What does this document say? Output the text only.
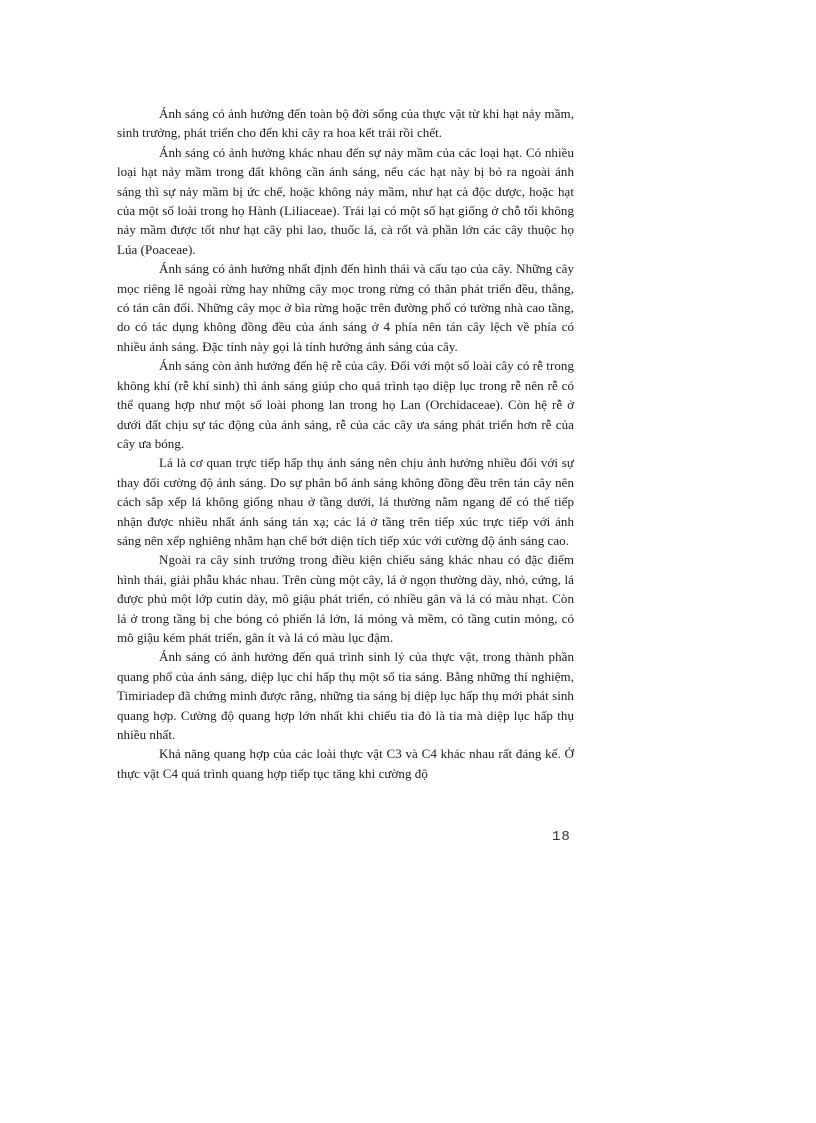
Ánh sáng có ảnh hưởng đến toàn bộ đời sống của thực vật từ khi hạt nảy mầm, sinh trưởng, phát triển cho đến khi cây ra hoa kết trái rồi chết.

Ánh sáng có ảnh hưởng khác nhau đến sự nảy mầm của các loại hạt. Có nhiều loại hạt nảy mầm trong đất không cần ánh sáng, nếu các hạt này bị bỏ ra ngoài ánh sáng thì sự nảy mầm bị ức chế, hoặc không nảy mầm, như hạt cà độc dược, hoặc hạt của một số loài trong họ Hành (Liliaceae). Trái lại có một số hạt giống ở chỗ tối không nảy mầm được tốt như hạt cây phi lao, thuốc lá, cà rốt và phần lớn các cây thuộc họ Lúa (Poaceae).

Ánh sáng có ảnh hưởng nhất định đến hình thái và cấu tạo của cây. Những cây mọc riêng lẽ ngoài rừng hay những cây mọc trong rừng có thân phát triển đều, thẳng, có tán cân đối. Những cây mọc ở bìa rừng hoặc trên đường phố có tường nhà cao tầng, do có tác dụng không đồng đều của ánh sáng ở 4 phía nên tán cây lệch về phía có nhiều ánh sáng. Đặc tính này gọi là tính hướng ánh sáng của cây.

Ánh sáng còn ảnh hưởng đến hệ rễ của cây. Đối với một số loài cây có rễ trong không khí (rễ khí sinh) thì ánh sáng giúp cho quá trình tạo diệp lục trong rễ nên rễ có thể quang hợp như một số loài phong lan trong họ Lan (Orchidaceae). Còn hệ rễ ở dưới đất chịu sự tác động của ánh sáng, rễ của các cây ưa sáng phát triển hơn rễ của cây ưa bóng.

Lá là cơ quan trực tiếp hấp thụ ánh sáng nên chịu ảnh hưởng nhiều đối với sự thay đổi cường độ ánh sáng. Do sự phân bố ánh sáng không đồng đều trên tán cây nên cách sắp xếp lá không giống nhau ở tầng dưới, lá thường nằm ngang để có thể tiếp nhận được nhiều nhất ánh sáng tán xạ; các lá ở tầng trên tiếp xúc trực tiếp với ánh sáng nên xếp nghiêng nhằm hạn chế bớt diện tích tiếp xúc với cường độ ánh sáng cao.

Ngoài ra cây sinh trưởng trong điều kiện chiếu sáng khác nhau có đặc điểm hình thái, giải phẫu khác nhau. Trên cùng một cây, lá ở ngọn thường dày, nhỏ, cứng, lá được phủ một lớp cutin dày, mô giậu phát triển, có nhiều gân và lá có màu nhạt. Còn lá ở trong tầng bị che bóng có phiến lá lớn, lá mỏng và mềm, có tầng cutin mỏng, có mô giậu kém phát triển, gân ít và lá có màu lục đậm.

Ánh sáng có ảnh hưởng đến quá trình sinh lý của thực vật, trong thành phần quang phổ của ánh sáng, diệp lục chỉ hấp thụ một số tia sáng. Bằng những thí nghiệm, Timiriadep đã chứng minh được rằng, những tia sáng bị diệp lục hấp thụ mới phát sinh quang hợp. Cường độ quang hợp lớn nhất khi chiếu tia đỏ là tia mà diệp lục hấp thụ nhiều nhất.

Khả năng quang hợp của các loài thực vật C3 và C4 khác nhau rất đáng kể. Ở thực vật C4 quá trình quang hợp tiếp tục tăng khi cường độ

18
